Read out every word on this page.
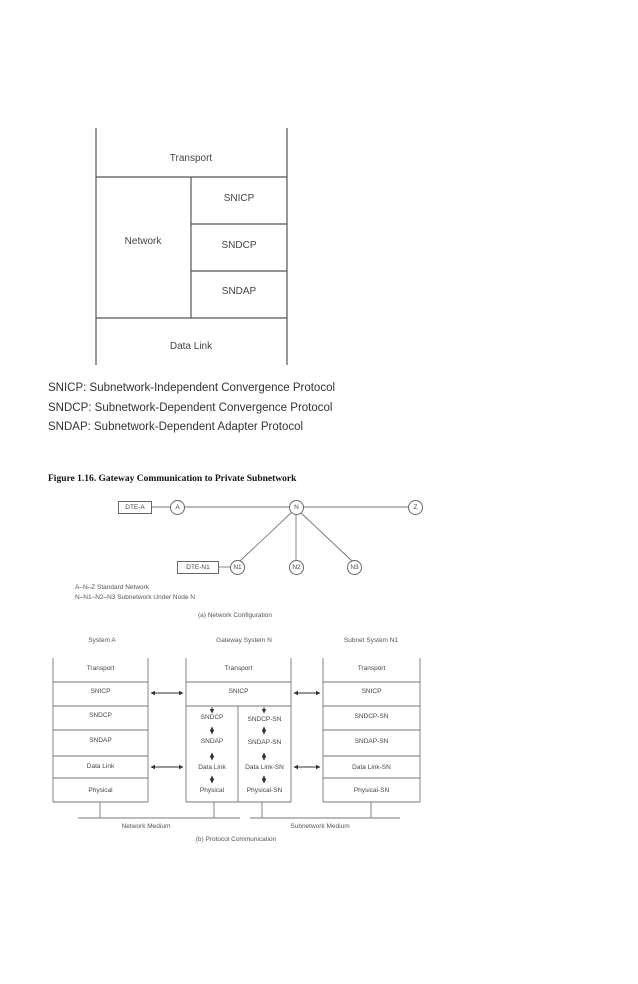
Transport
Network
SNICP
SNDCP
SNDAP
Data Link
SNICP: Subnetwork-Independent Convergence Protocol
SNDCP: Subnetwork-Dependent Convergence Protocol
SNDAP: Subnetwork-Dependent Adapter Protocol
Figure 1.16. Gateway Communication to Private Subnetwork
DTE-A	A	N	Z
DTE-N1	N1	N2	N3
A–N–Z Standard Network
N–N1–N2–N3 Subnetwork Under Node N
(a) Network Configuration
System A	Gateway System N	Subnet System N1
Transport
SNICP
SNDCP
SNDAP
Data Link
Physical
Transport
SNICP
SNDCP
SNDAP
Data Link
Physical
SNDCP-SN
SNDAP-SN
Data Link-SN
Physical-SN
Transport
SNICP
SNDCP-SN
SNDAP-SN
Data Link-SN
Physical-SN
Network Medium	Subnetwork Medium
(b) Protocol Communication
